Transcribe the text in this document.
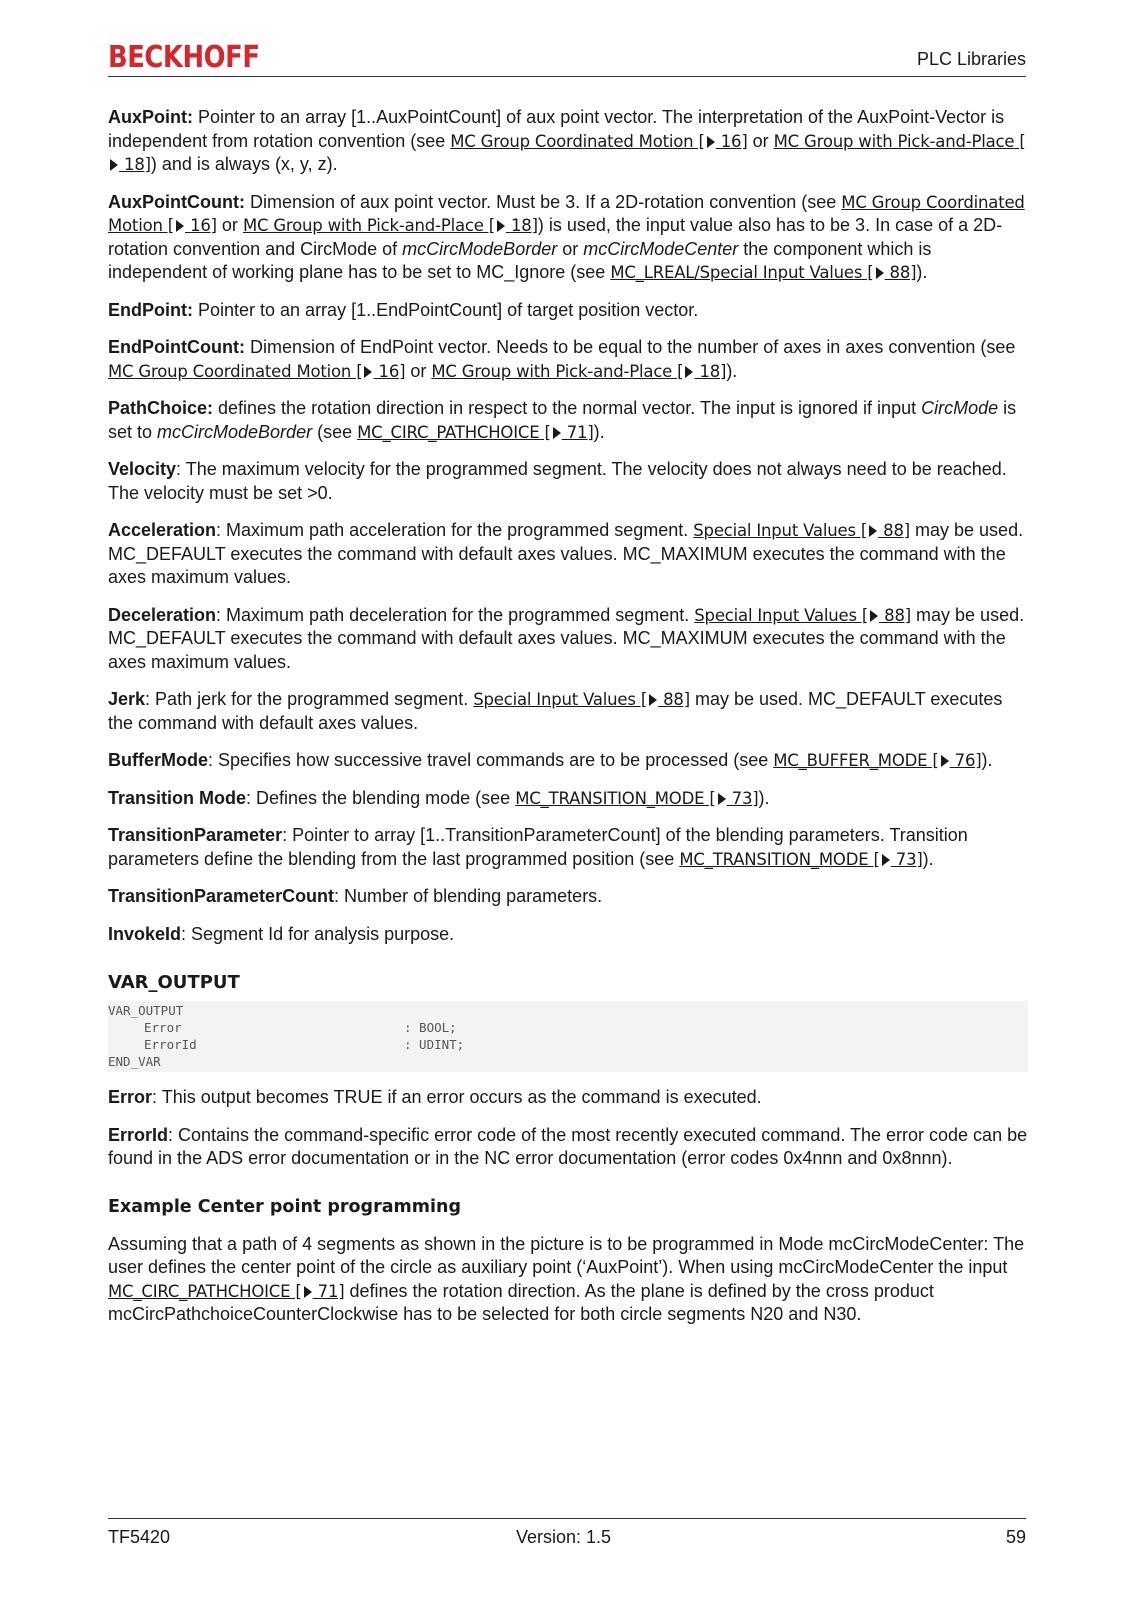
BECKHOFF	PLC Libraries

AuxPoint: Pointer to an array [1..AuxPointCount] of aux point vector. The interpretation of the AuxPoint-Vector is independent from rotation convention (see MC Group Coordinated Motion [ 16] or MC Group with Pick-and-Place [ 18]) and is always (x, y, z).

AuxPointCount: Dimension of aux point vector. Must be 3. If a 2D-rotation convention (see MC Group Coordinated Motion [ 16] or MC Group with Pick-and-Place [ 18]) is used, the input value also has to be 3. In case of a 2D-rotation convention and CircMode of mcCircModeBorder or mcCircModeCenter the component which is independent of working plane has to be set to MC_Ignore (see MC_LREAL/Special Input Values [ 88]).

EndPoint: Pointer to an array [1..EndPointCount] of target position vector.

EndPointCount: Dimension of EndPoint vector. Needs to be equal to the number of axes in axes convention (see MC Group Coordinated Motion [ 16] or MC Group with Pick-and-Place [ 18]).

PathChoice: defines the rotation direction in respect to the normal vector. The input is ignored if input CircMode is set to mcCircModeBorder (see MC_CIRC_PATHCHOICE [ 71]).

Velocity: The maximum velocity for the programmed segment. The velocity does not always need to be reached. The velocity must be set >0.

Acceleration: Maximum path acceleration for the programmed segment. Special Input Values [ 88] may be used. MC_DEFAULT executes the command with default axes values. MC_MAXIMUM executes the command with the axes maximum values.

Deceleration: Maximum path deceleration for the programmed segment. Special Input Values [ 88] may be used. MC_DEFAULT executes the command with default axes values. MC_MAXIMUM executes the command with the axes maximum values.

Jerk: Path jerk for the programmed segment. Special Input Values [ 88] may be used. MC_DEFAULT executes the command with default axes values.

BufferMode: Specifies how successive travel commands are to be processed (see MC_BUFFER_MODE [ 76]).

Transition Mode: Defines the blending mode (see MC_TRANSITION_MODE [ 73]).

TransitionParameter: Pointer to array [1..TransitionParameterCount] of the blending parameters. Transition parameters define the blending from the last programmed position (see MC_TRANSITION_MODE [ 73]).

TransitionParameterCount: Number of blending parameters.

InvokeId: Segment Id for analysis purpose.

VAR_OUTPUT
VAR_OUTPUT
Error	: BOOL;
ErrorId	: UDINT;
END_VAR

Error: This output becomes TRUE if an error occurs as the command is executed.

ErrorId: Contains the command-specific error code of the most recently executed command. The error code can be found in the ADS error documentation or in the NC error documentation (error codes 0x4nnn and 0x8nnn).

Example Center point programming

Assuming that a path of 4 segments as shown in the picture is to be programmed in Mode mcCircModeCenter: The user defines the center point of the circle as auxiliary point (‘AuxPoint’). When using mcCircModeCenter the input MC_CIRC_PATHCHOICE [ 71] defines the rotation direction. As the plane is defined by the cross product mcCircPathchoiceCounterClockwise has to be selected for both circle segments N20 and N30.

TF5420	Version: 1.5	59
